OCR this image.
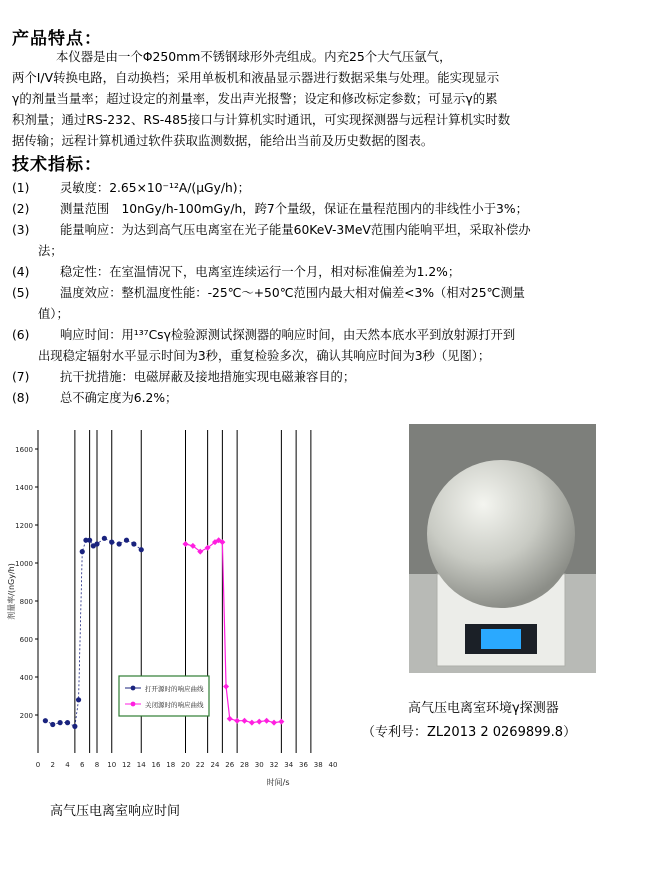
产品特点：
本仪器是由一个Φ250mm不锈钢球形外壳组成。内充25个大气压氩气，
两个I/V转换电路，自动换档；采用单板机和液晶显示器进行数据采集与处理。能实现显示
γ的剂量当量率；超过设定的剂量率，发出声光报警；设定和修改标定参数；可显示γ的累
积剂量；通过RS-232、RS-485接口与计算机实时通讯，可实现探测器与远程计算机实时数
据传输；远程计算机通过软件获取监测数据，能给出当前及历史数据的图表。
技术指标：
(1)	灵敏度：2.65×10⁻¹²A/(μGy/h)；
(2)	测量范围　10nGy/h-100mGy/h，跨7个量级，保证在量程范围内的非线性小于3%；
(3)	能量响应：为达到高气压电离室在光子能量60KeV-3MeV范围内能响平坦，采取补偿办
法；
(4)	稳定性：在室温情况下，电离室连续运行一个月，相对标准偏差为1.2%；
(5)	温度效应：整机温度性能：-25℃～+50℃范围内最大相对偏差<3%（相对25℃测量
值）；
(6)	响应时间：用¹³⁷Csγ检验源测试探测器的响应时间，由天然本底水平到放射源打开到
出现稳定辐射水平显示时间为3秒，重复检验多次，确认其响应时间为3秒（见图）；
(7)	抗干扰措施：电磁屏蔽及接地措施实现电磁兼容目的；
(8)	总不确定度为6.2%；
200
400
600
800
1000
1200
1400
1600
0 2 4 6 8 10 12 14 16 18 20 22 24 26 28 30 32 34 36 38 40
时间/s
剂量率/(nGy/h)
打开源时的响应曲线
关闭源时的响应曲线
高气压电离室响应时间
高气压电离室环境γ探测器
（专利号：ZL2013 2 0269899.8）
